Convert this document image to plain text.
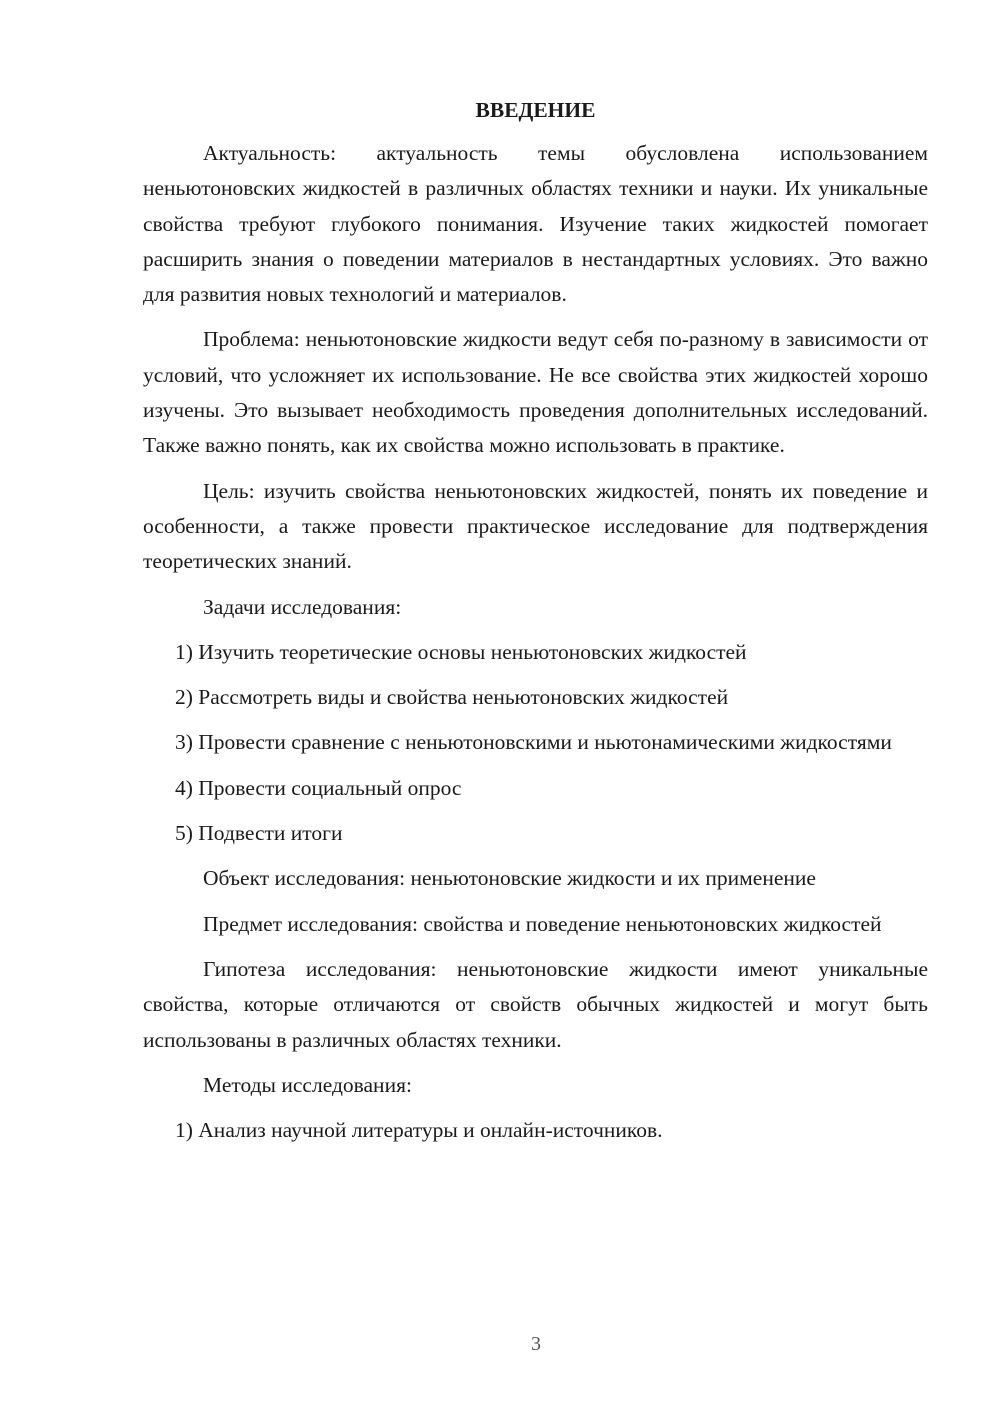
ВВЕДЕНИЕ

Актуальность: актуальность темы обусловлена использованием неньютоновских жидкостей в различных областях техники и науки. Их уникальные свойства требуют глубокого понимания. Изучение таких жидкостей помогает расширить знания о поведении материалов в нестандартных условиях. Это важно для развития новых технологий и материалов.

Проблема: неньютоновские жидкости ведут себя по-разному в зависимости от условий, что усложняет их использование. Не все свойства этих жидкостей хорошо изучены. Это вызывает необходимость проведения дополнительных исследований. Также важно понять, как их свойства можно использовать в практике.

Цель: изучить свойства неньютоновских жидкостей, понять их поведение и особенности, а также провести практическое исследование для подтверждения теоретических знаний.

Задачи исследования:

1) Изучить теоретические основы неньютоновских жидкостей

2) Рассмотреть виды и свойства неньютоновских жидкостей

3) Провести сравнение с неньютоновскими и ньютонамическими жидкостями

4) Провести социальный опрос

5) Подвести итоги

Объект исследования: неньютоновские жидкости и их применение

Предмет исследования: свойства и поведение неньютоновских жидкостей

Гипотеза исследования: неньютоновские жидкости имеют уникальные свойства, которые отличаются от свойств обычных жидкостей и могут быть использованы в различных областях техники.

Методы исследования:

1) Анализ научной литературы и онлайн-источников.

3
